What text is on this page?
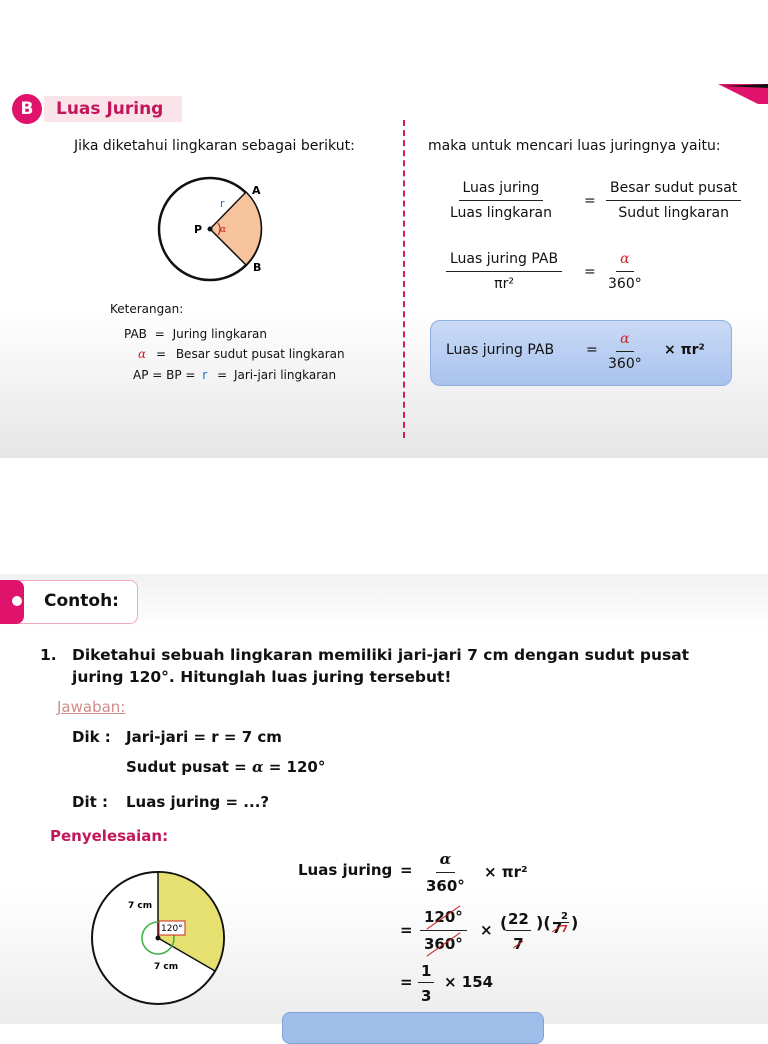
B	Luas Juring
Jika diketahui lingkaran sebagai berikut:	maka untuk mencari luas juringnya yaitu:
A
B
P
r
α
Keterangan:
PAB = Juring lingkaran
α = Besar sudut pusat lingkaran
AP = BP = r = Jari-jari lingkaran
Luas juring
Luas lingkaran
=
Besar sudut pusat
Sudut lingkaran
Luas juring PAB
πr²
= $\frac{\alpha}{360^\circ}$
Luas juring PAB = $\frac{\alpha}{360^\circ} \times \pi r^2$
Contoh:
1. Diketahui sebuah lingkaran memiliki jari-jari 7 cm dengan sudut pusat
juring 120°. Hitunglah luas juring tersebut!
Jawaban:
Dik : Jari-jari = r = 7 cm
Sudut pusat = α = 120°
Dit : Luas juring = ...?
Penyelesaian:
7 cm
7 cm
120°
Luas juring = $\frac{\alpha}{360^\circ} \times \pi r^2$
= $\frac{120^\circ}{360^\circ}$ × (
$\frac{22}{7}$ )( 7
$\frac{2}{7}$ )
= $\frac{1}{3} \times 154$
